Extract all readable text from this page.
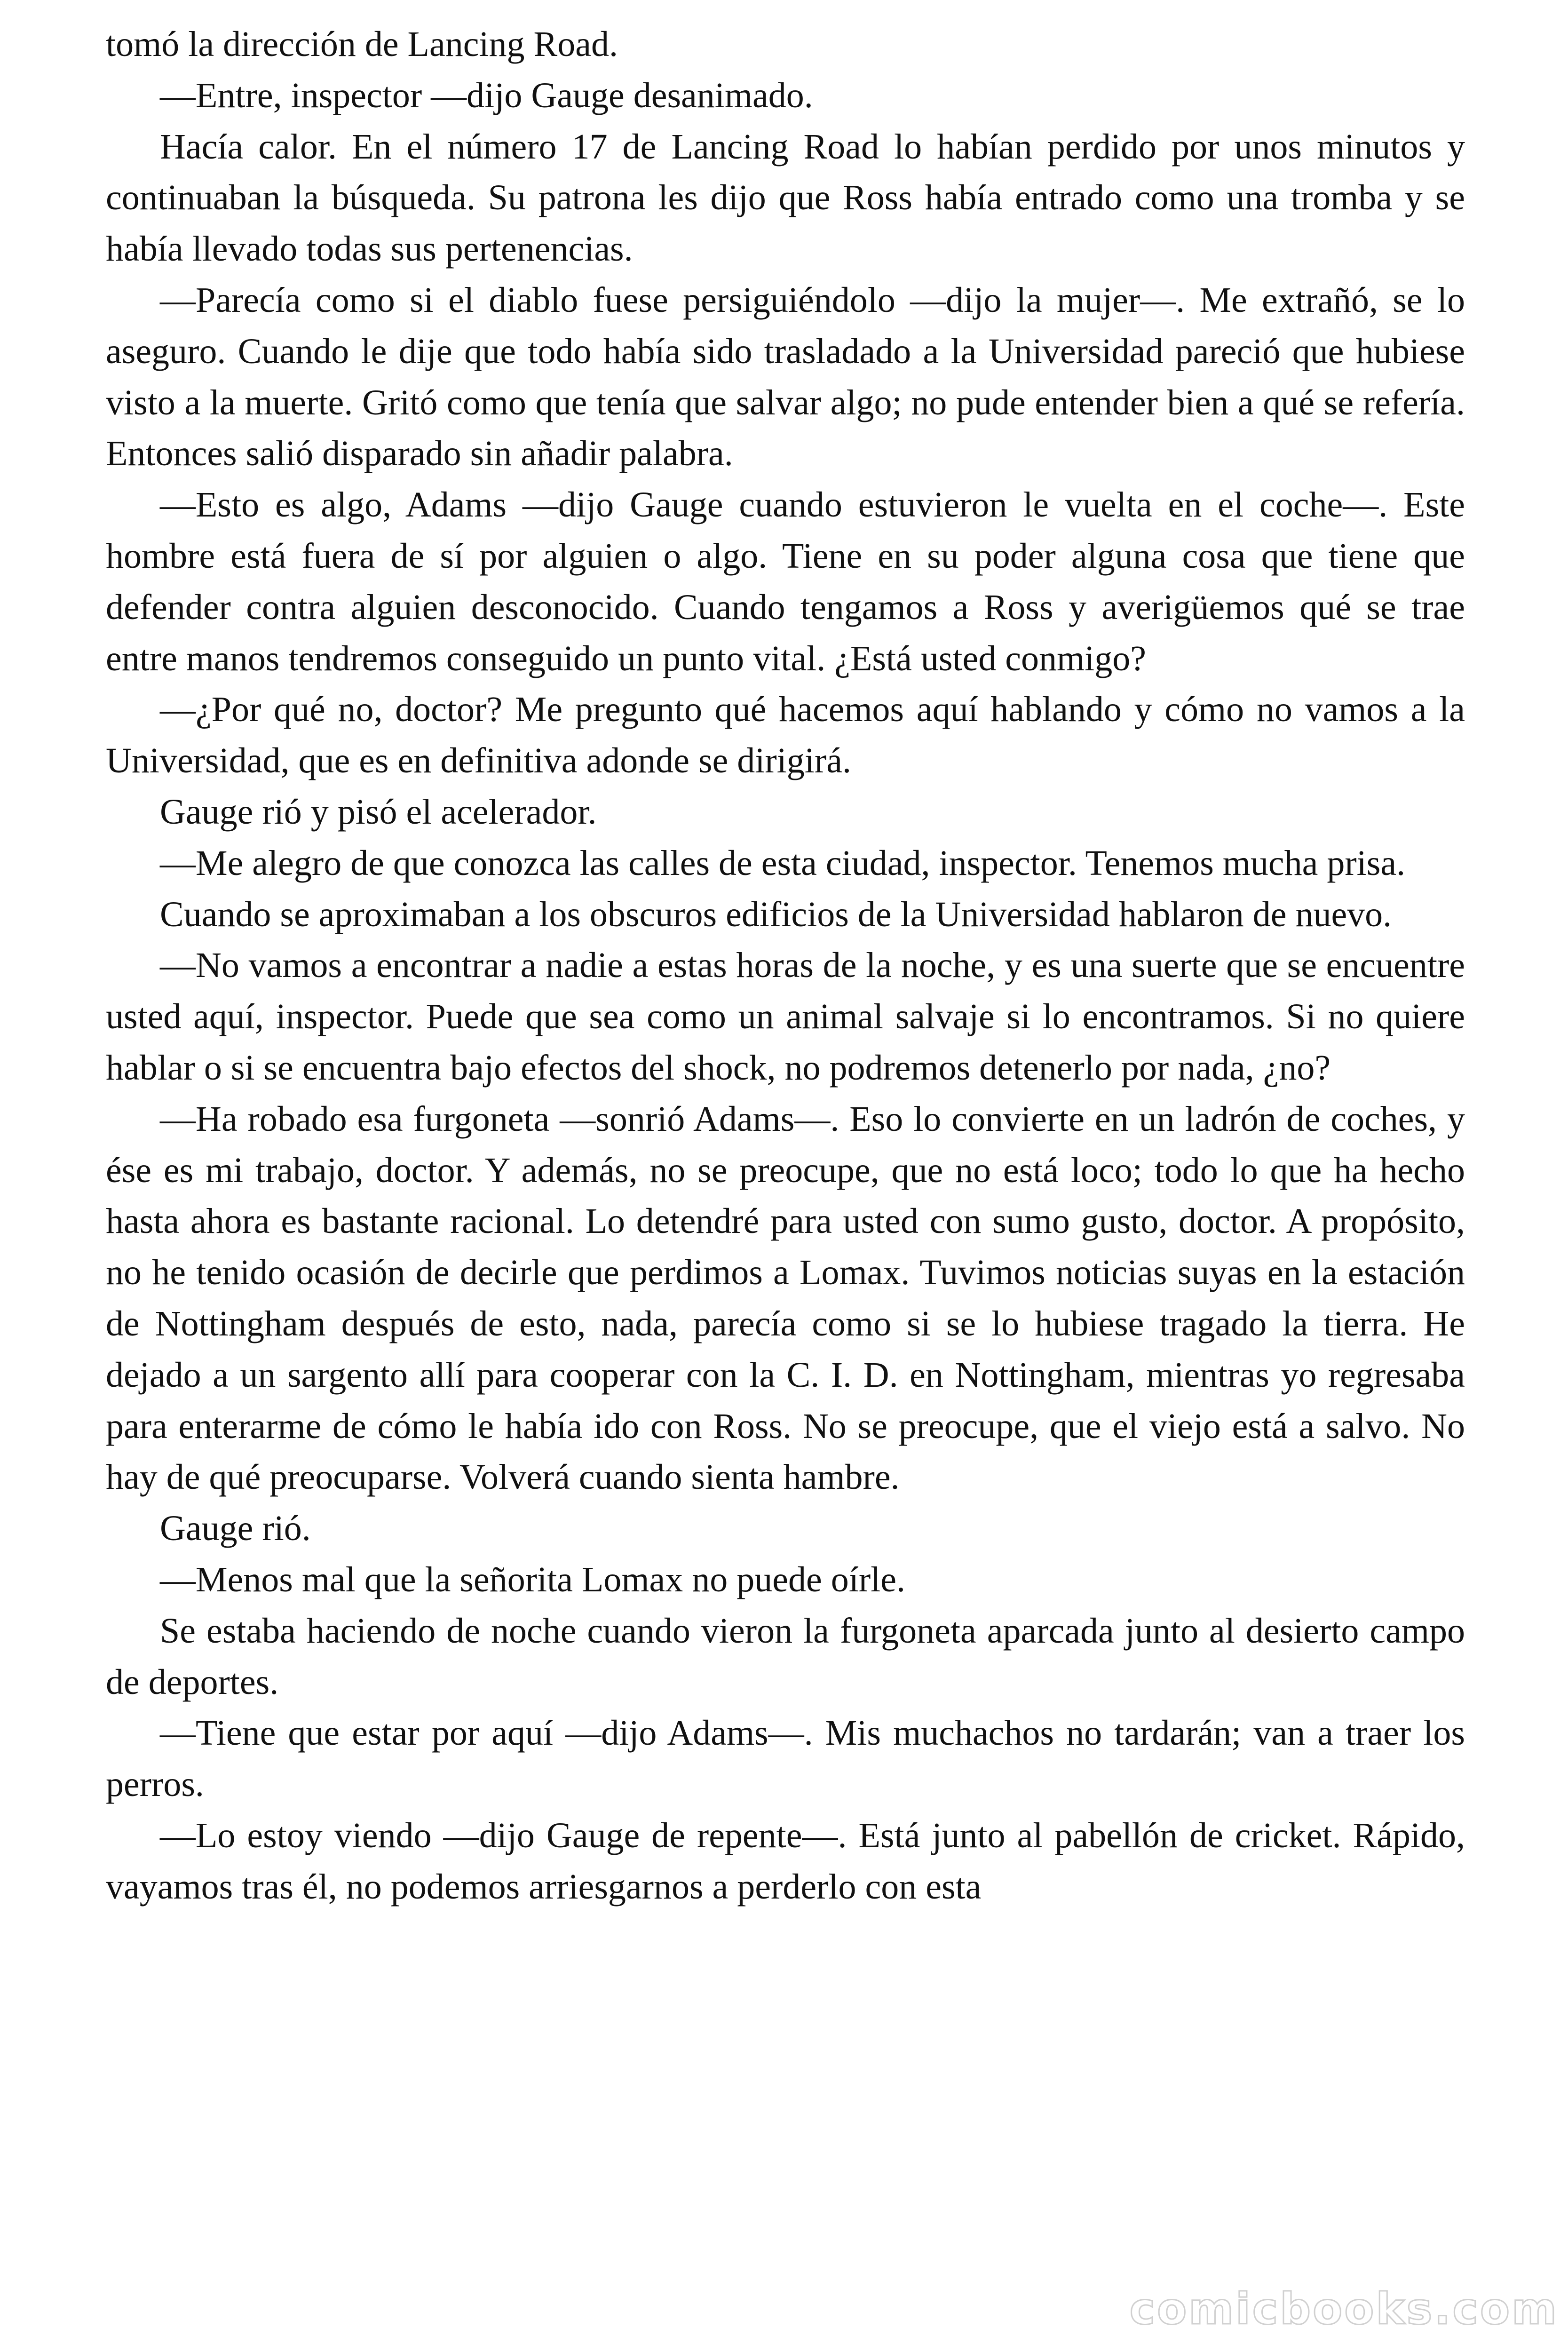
tomó la dirección de Lancing Road.

—Entre, inspector —dijo Gauge desanimado.

Hacía calor. En el número 17 de Lancing Road lo habían perdido por unos minutos y continuaban la búsqueda. Su patrona les dijo que Ross había entrado como una tromba y se había llevado todas sus pertenencias.

—Parecía como si el diablo fuese persiguiéndolo —dijo la mujer—. Me extrañó, se lo aseguro. Cuando le dije que todo había sido trasladado a la Universidad pareció que hubiese visto a la muerte. Gritó como que tenía que salvar algo; no pude entender bien a qué se refería. Entonces salió disparado sin añadir palabra.

—Esto es algo, Adams —dijo Gauge cuando estuvieron le vuelta en el coche—. Este hombre está fuera de sí por alguien o algo. Tiene en su poder alguna cosa que tiene que defender contra alguien desconocido. Cuando tengamos a Ross y averigüemos qué se trae entre manos tendremos conseguido un punto vital. ¿Está usted conmigo?

—¿Por qué no, doctor? Me pregunto qué hacemos aquí hablando y cómo no vamos a la Universidad, que es en definitiva adonde se dirigirá.

Gauge rió y pisó el acelerador.

—Me alegro de que conozca las calles de esta ciudad, inspector. Tenemos mucha prisa.

Cuando se aproximaban a los obscuros edificios de la Universidad hablaron de nuevo.

—No vamos a encontrar a nadie a estas horas de la noche, y es una suerte que se encuentre usted aquí, inspector. Puede que sea como un animal salvaje si lo encontramos. Si no quiere hablar o si se encuentra bajo efectos del shock, no podremos detenerlo por nada, ¿no?

—Ha robado esa furgoneta —sonrió Adams—. Eso lo convierte en un ladrón de coches, y ése es mi trabajo, doctor. Y además, no se preocupe, que no está loco; todo lo que ha hecho hasta ahora es bastante racional. Lo detendré para usted con sumo gusto, doctor. A propósito, no he tenido ocasión de decirle que perdimos a Lomax. Tuvimos noticias suyas en la estación de Nottingham después de esto, nada, parecía como si se lo hubiese tragado la tierra. He dejado a un sargento allí para cooperar con la C. I. D. en Nottingham, mientras yo regresaba para enterarme de cómo le había ido con Ross. No se preocupe, que el viejo está a salvo. No hay de qué preocuparse. Volverá cuando sienta hambre.

Gauge rió.

—Menos mal que la señorita Lomax no puede oírle.

Se estaba haciendo de noche cuando vieron la furgoneta aparcada junto al desierto campo de deportes.

—Tiene que estar por aquí —dijo Adams—. Mis muchachos no tardarán; van a traer los perros.

—Lo estoy viendo —dijo Gauge de repente—. Está junto al pabellón de cricket. Rápido, vayamos tras él, no podemos arriesgarnos a perderlo con esta

comicbooks.com
